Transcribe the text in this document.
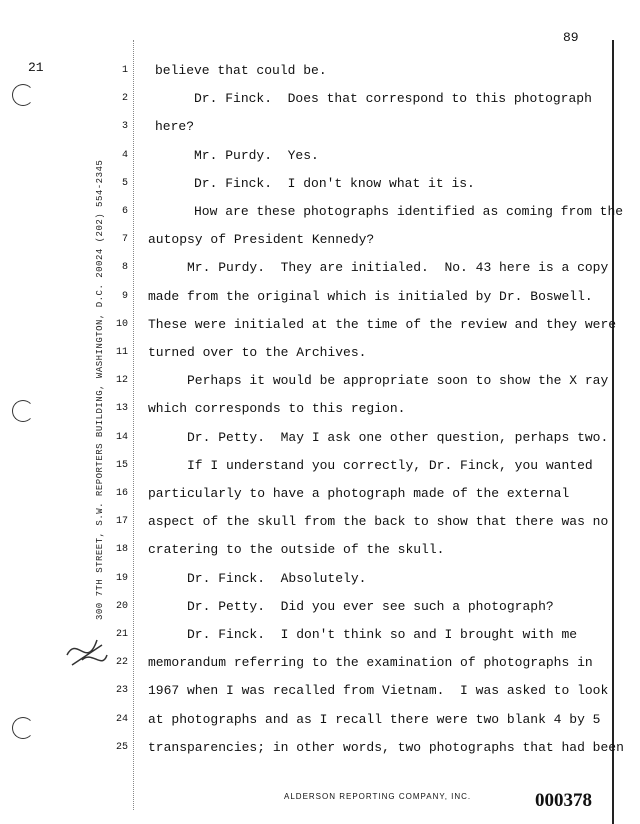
89
21
300 7TH STREET, S.W. REPORTERS BUILDING, WASHINGTON, D.C. 20024 (202) 554-2345
1 believe that could be.
2 Dr. Finck.  Does that correspond to this photograph
3 here?
4 Mr. Purdy.  Yes.
5 Dr. Finck.  I don't know what it is.
6 How are these photographs identified as coming from the
7 autopsy of President Kennedy?
8 Mr. Purdy.  They are initialed.  No. 43 here is a copy
9 made from the original which is initialed by Dr. Boswell.
10 These were initialed at the time of the review and they were
11 turned over to the Archives.
12 Perhaps it would be appropriate soon to show the X ray
13 which corresponds to this region.
14 Dr. Petty.  May I ask one other question, perhaps two.
15 If I understand you correctly, Dr. Finck, you wanted
16 particularly to have a photograph made of the external
17 aspect of the skull from the back to show that there was no
18 cratering to the outside of the skull.
19 Dr. Finck.  Absolutely.
20 Dr. Petty.  Did you ever see such a photograph?
21 Dr. Finck.  I don't think so and I brought with me
22 memorandum referring to the examination of photographs in
23 1967 when I was recalled from Vietnam.  I was asked to look
24 at photographs and as I recall there were two blank 4 by 5
25 transparencies; in other words, two photographs that had been
ALDERSON REPORTING COMPANY, INC.	000378
